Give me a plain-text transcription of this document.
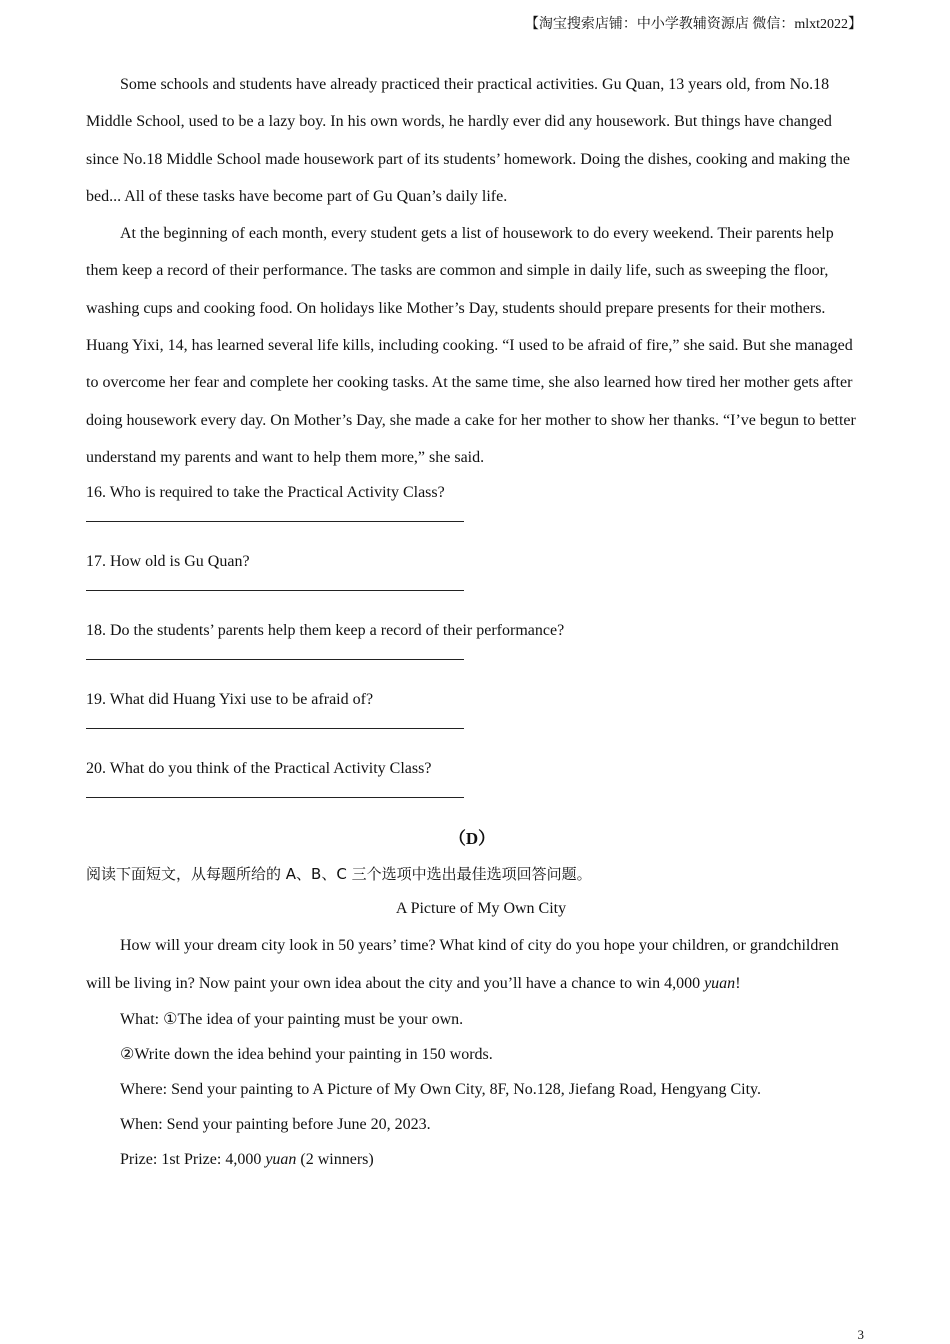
【淘宝搜索店铺：中小学教辅资源店 微信：mlxt2022】

Some schools and students have already practiced their practical activities. Gu Quan, 13 years old, from No.18 Middle School, used to be a lazy boy. In his own words, he hardly ever did any housework. But things have changed since No.18 Middle School made housework part of its students’ homework. Doing the dishes, cooking and making the bed... All of these tasks have become part of Gu Quan’s daily life.

At the beginning of each month, every student gets a list of housework to do every weekend. Their parents help them keep a record of their performance. The tasks are common and simple in daily life, such as sweeping the floor, washing cups and cooking food. On holidays like Mother’s Day, students should prepare presents for their mothers. Huang Yixi, 14, has learned several life kills, including cooking. “I used to be afraid of fire,” she said. But she managed to overcome her fear and complete her cooking tasks. At the same time, she also learned how tired her mother gets after doing housework every day. On Mother’s Day, she made a cake for her mother to show her thanks. “I’ve begun to better understand my parents and want to help them more,” she said.

16. Who is required to take the Practical Activity Class?

17. How old is Gu Quan?

18. Do the students’ parents help them keep a record of their performance?

19. What did Huang Yixi use to be afraid of?

20. What do you think of the Practical Activity Class?

（D）

阅读下面短文，从每题所给的 A、B、C 三个选项中选出最佳选项回答问题。

A Picture of My Own City

How will your dream city look in 50 years’ time? What kind of city do you hope your children, or grandchildren will be living in? Now paint your own idea about the city and you’ll have a chance to win 4,000 yuan!

What: ①The idea of your painting must be your own.

②Write down the idea behind your painting in 150 words.

Where: Send your painting to A Picture of My Own City, 8F, No.128, Jiefang Road, Hengyang City.

When: Send your painting before June 20, 2023.

Prize: 1st Prize: 4,000 yuan (2 winners)

3
